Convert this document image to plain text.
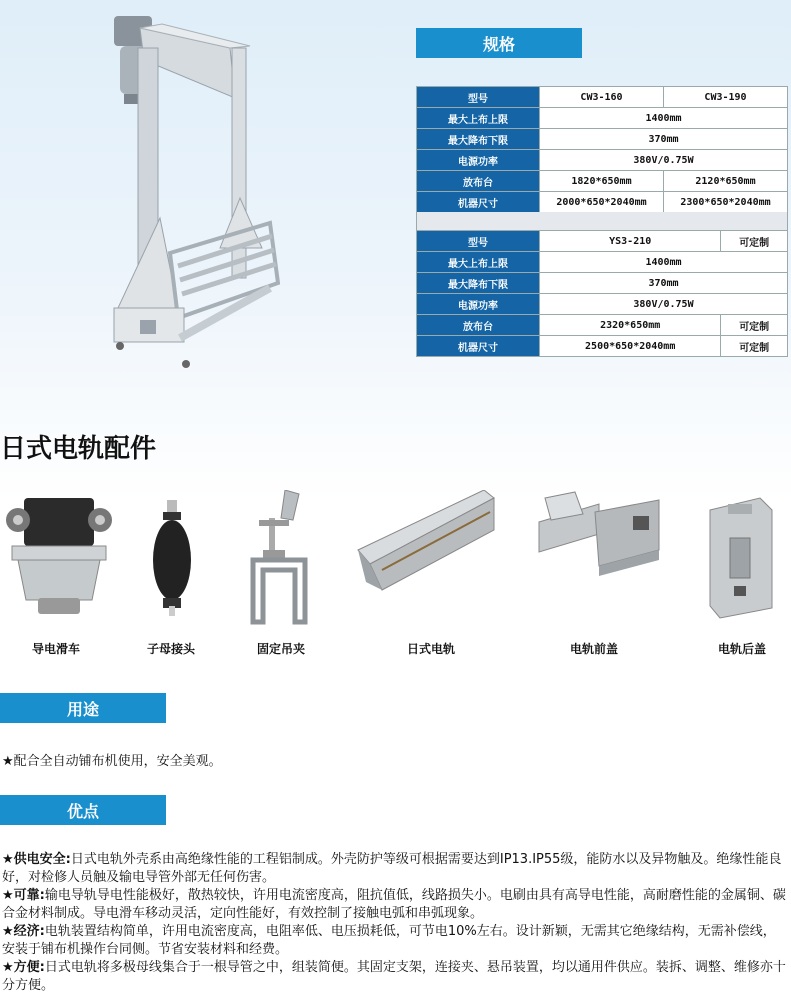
规格
型号	CW3-160	CW3-190
最大上布上限	1400mm	
最大降布下限	370mm	
电源功率	380V/0.75W	
放布台	1820*650mm	2120*650mm
机器尺寸	2000*650*2040mm	2300*650*2040mm
型号	YS3-210	可定制
最大上布上限	1400mm	
最大降布下限	370mm	
电源功率	380V/0.75W	
放布台	2320*650mm	可定制
机器尺寸	2500*650*2040mm	可定制
日式电轨配件
导电滑车	子母接头	固定吊夹	日式电轨	电轨前盖	电轨后盖
用途
★配合全自动铺布机使用，安全美观。
优点

★供电安全:日式电轨外壳系由高绝缘性能的工程铝制成。外壳防护等级可根据需要达到IP13.IP55级，能防水以及异物触及。绝缘性能良好，对检修人员触及输电导管外部无任何伤害。

★可靠:输电导轨导电性能极好，散热较快，许用电流密度高，阻抗值低，线路损失小。电刷由具有高导电性能，高耐磨性能的金属铜、碳合金材料制成。导电滑车移动灵活，定向性能好，有效控制了接触电弧和串弧现象。

★经济:电轨装置结构简单，许用电流密度高，电阻率低、电压损耗低，可节电10%左右。设计新颖，无需其它绝缘结构，无需补偿线，安装于铺布机操作台同侧。节省安装材料和经费。

★方便:日式电轨将多极母线集合于一根导管之中，组装简便。其固定支架，连接夹、悬吊装置，均以通用件供应。装拆、调整、维修亦十分方便。
